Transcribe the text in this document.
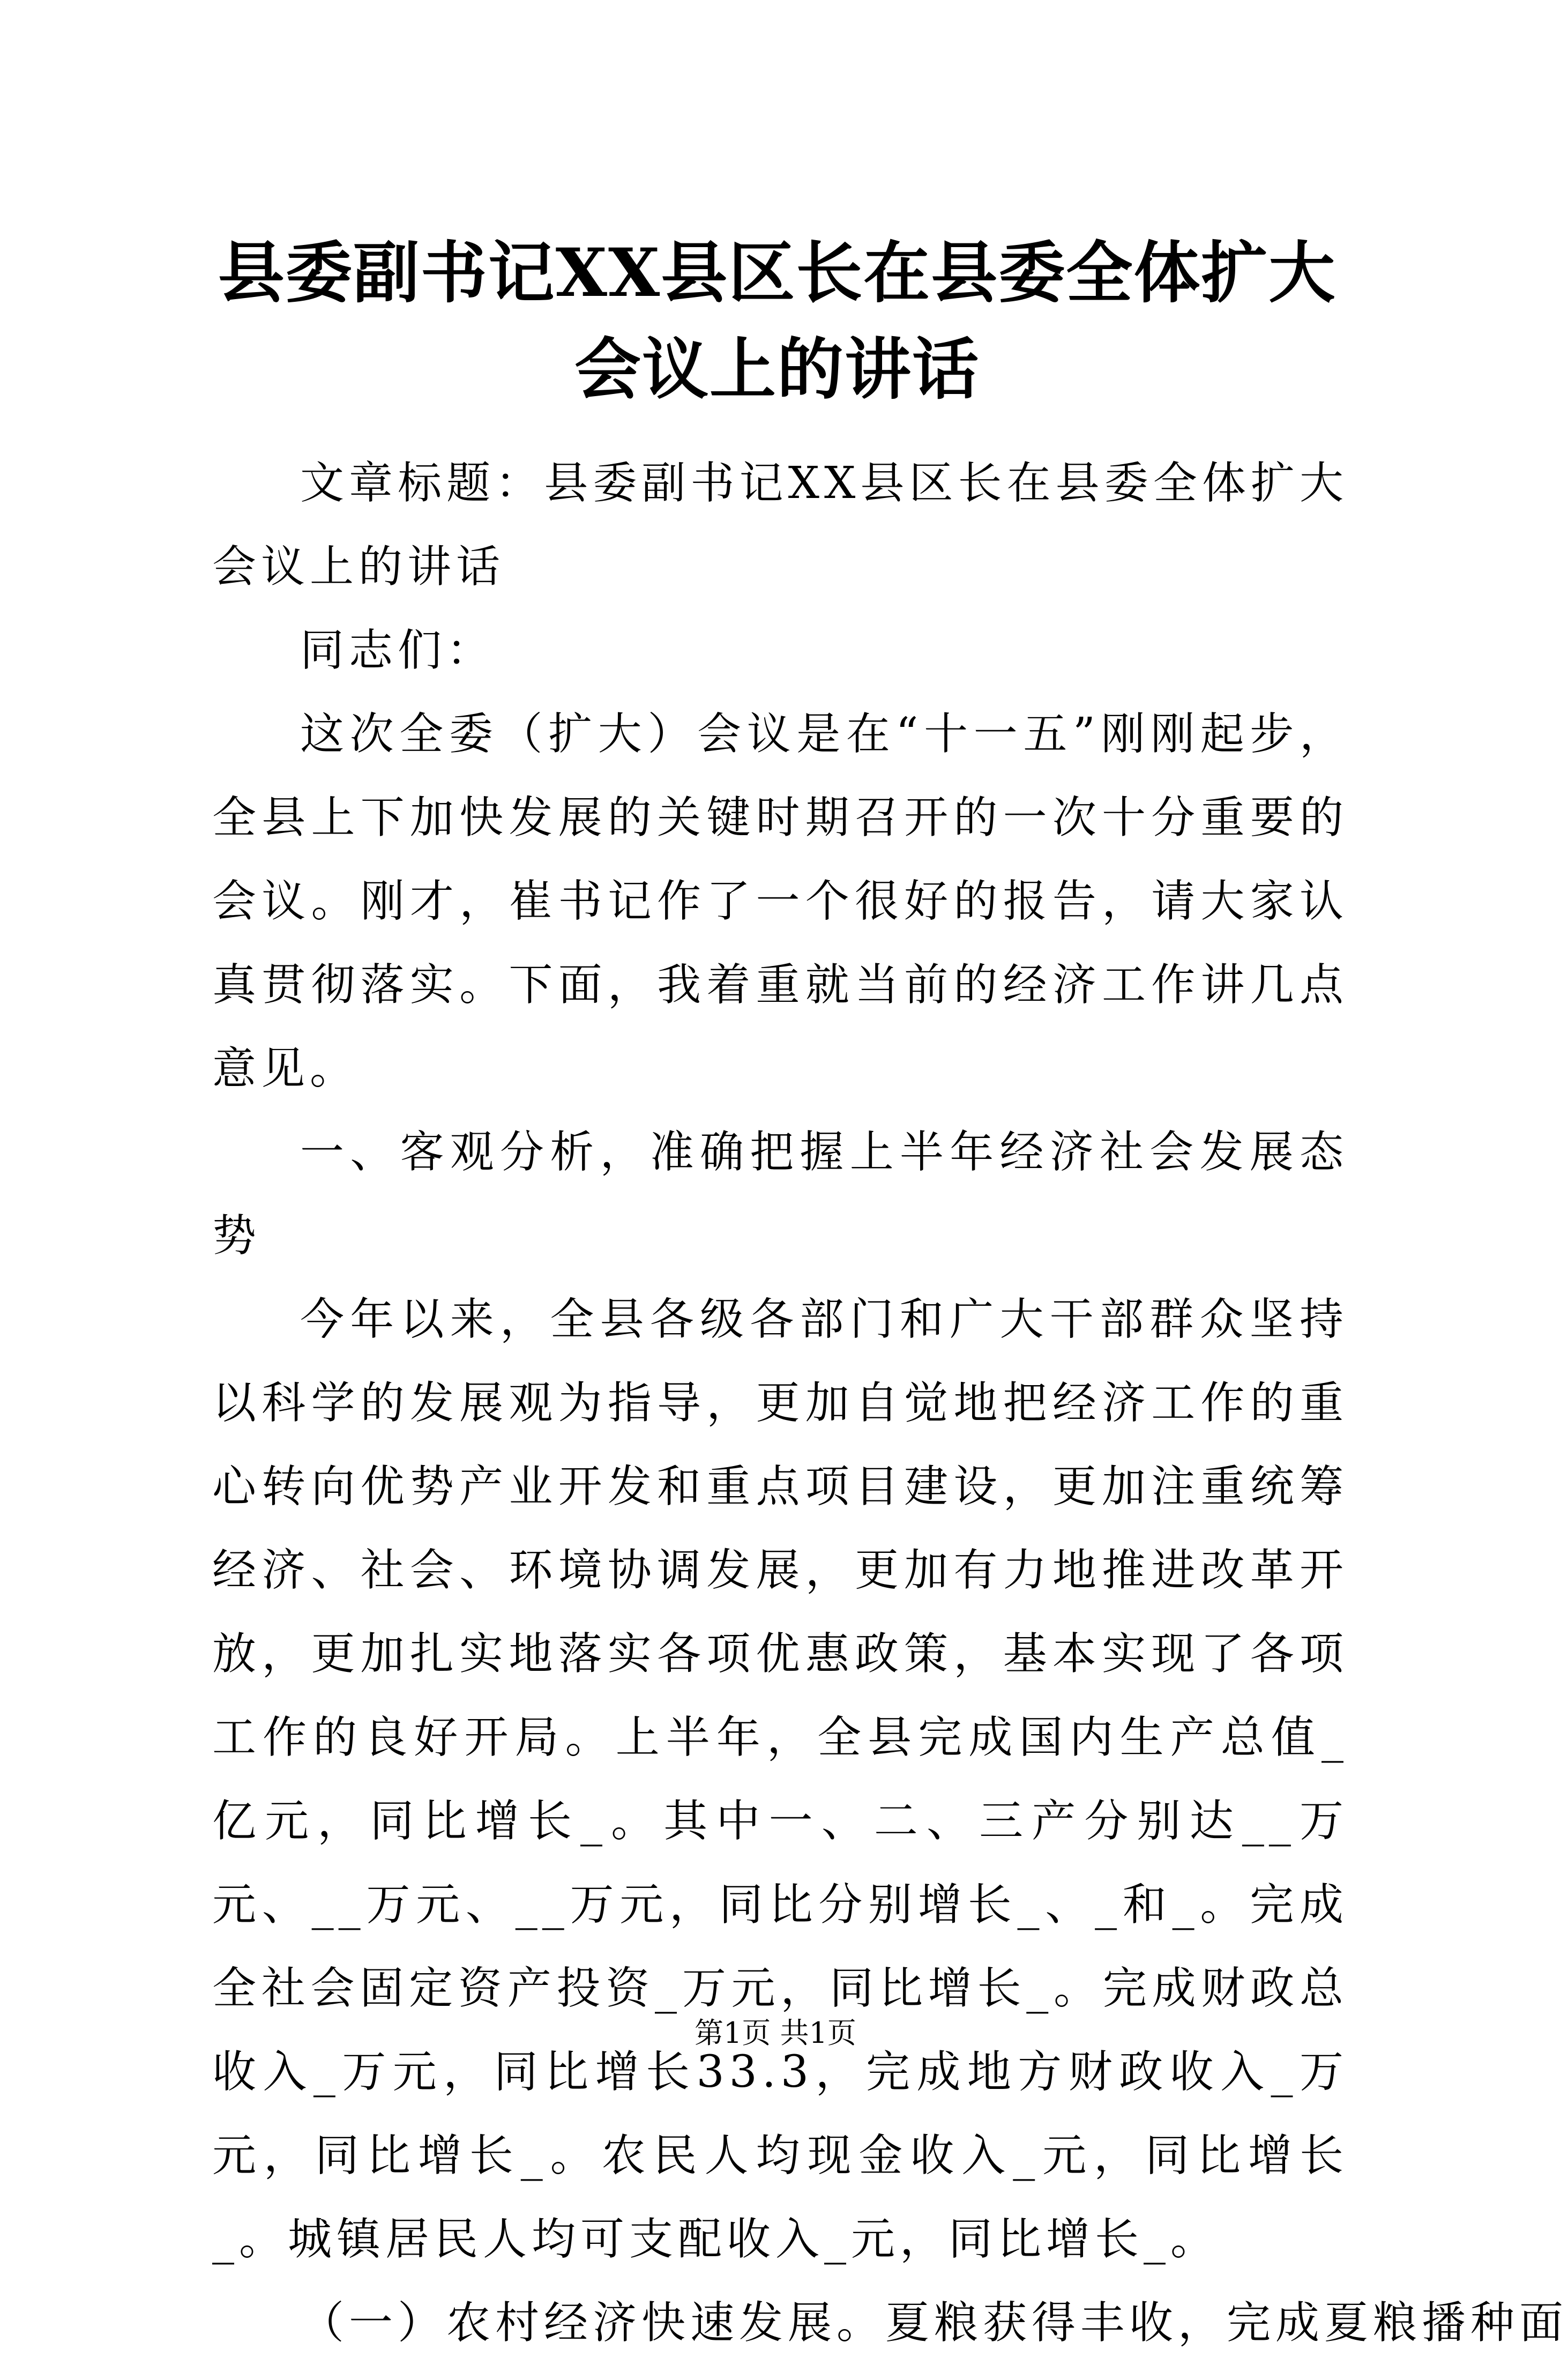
县委副书记XX县区长在县委全体扩大会议上的讲话

文章标题：县委副书记XX县区长在县委全体扩大会议上的讲话

同志们：

这次全委（扩大）会议是在“十一五”刚刚起步，全县上下加快发展的关键时期召开的一次十分重要的会议。刚才，崔书记作了一个很好的报告，请大家认真贯彻落实。下面，我着重就当前的经济工作讲几点意见。

一、客观分析，准确把握上半年经济社会发展态势

今年以来，全县各级各部门和广大干部群众坚持以科学的发展观为指导，更加自觉地把经济工作的重心转向优势产业开发和重点项目建设，更加注重统筹经济、社会、环境协调发展，更加有力地推进改革开放，更加扎实地落实各项优惠政策，基本实现了各项工作的良好开局。上半年，全县完成国内生产总值_亿元，同比增长_。其中一、二、三产分别达__万元、__万元、__万元，同比分别增长_、_和_。完成全社会固定资产投资_万元，同比增长_。完成财政总收入_万元，同比增长33.3，完成地方财政收入_万元，同比增长_。农民人均现金收入_元，同比增长_。城镇居民人均可支配收入_元，同比增长_。

（一）农村经济快速发展。夏粮获得丰收，完成夏粮播种面

第1页 共1页
